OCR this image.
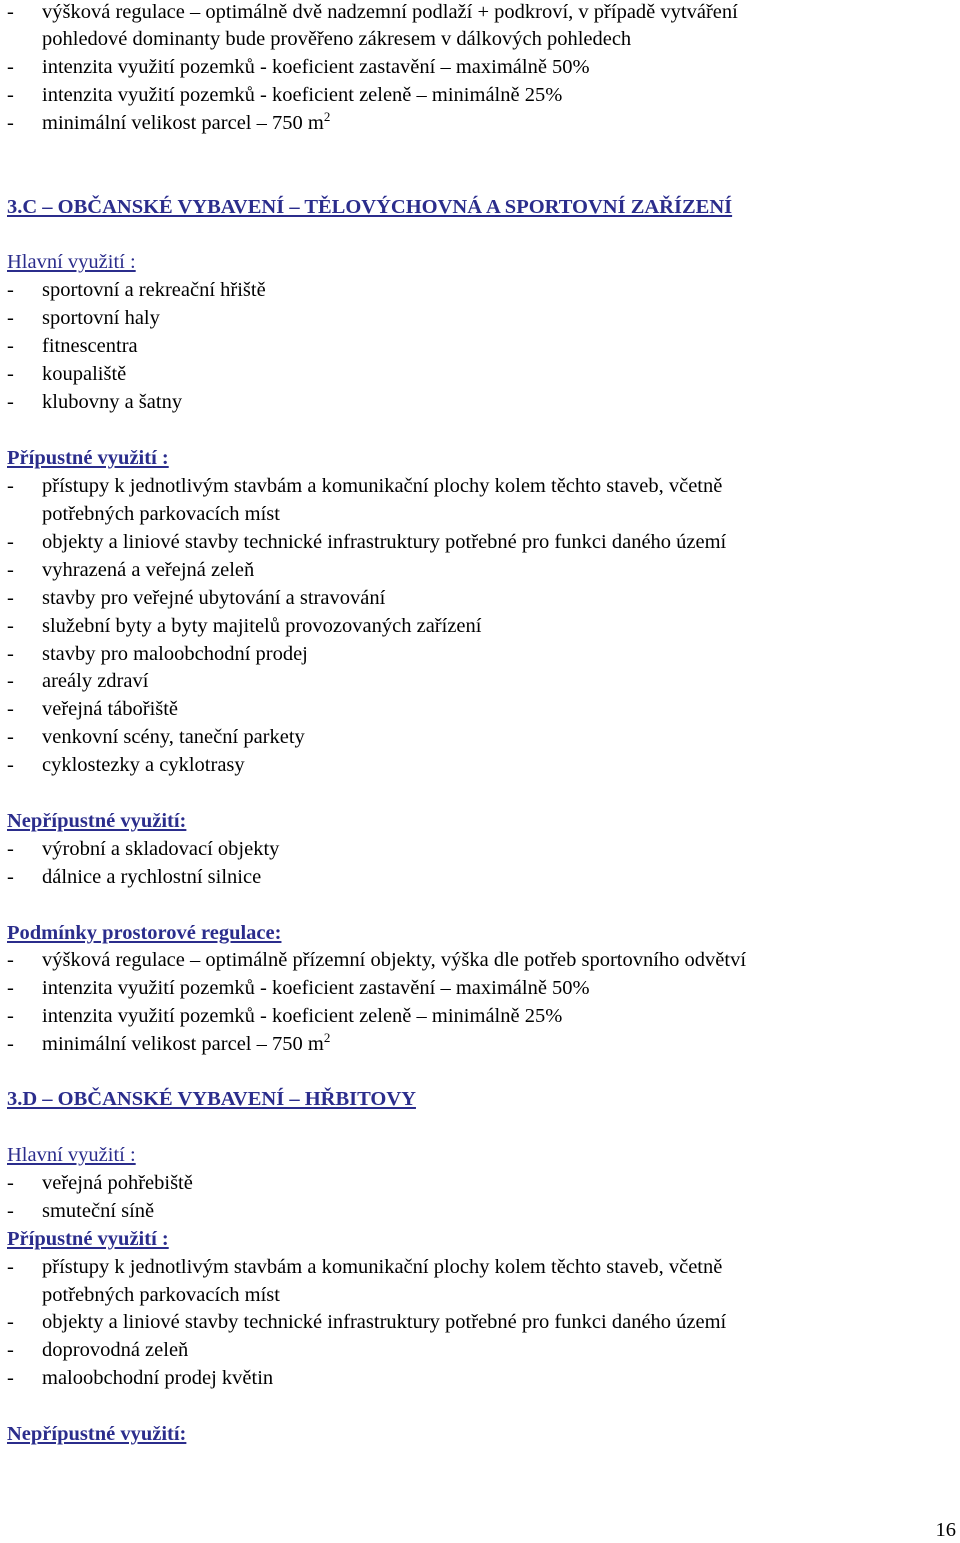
-	výšková regulace – optimálně dvě nadzemní podlaží + podkroví, v případě vytváření
pohledové dominanty bude prověřeno zákresem v dálkových pohledech
- intenzita využití pozemků - koeficient zastavění – maximálně 50%
- intenzita využití pozemků - koeficient zeleně – minimálně 25%
- minimální velikost parcel – 750 $m^2$
3.C – OBČANSKÉ VYBAVENÍ – TĚLOVÝCHOVNÁ A SPORTOVNÍ ZAŘÍZENÍ
Hlavní využití :
- sportovní a rekreační hřiště
- sportovní haly
- fitnescentra
- koupaliště
- klubovny a šatny
Přípustné využití :
-	přístupy k jednotlivým stavbám a komunikační plochy kolem těchto staveb, včetně
potřebných parkovacích míst
- objekty a liniové stavby technické infrastruktury potřebné pro funkci daného území
- vyhrazená a veřejná zeleň
- stavby pro veřejné ubytování a stravování
- služební byty a byty majitelů provozovaných zařízení
- stavby pro maloobchodní prodej
- areály zdraví
- veřejná tábořiště
- venkovní scény, taneční parkety
- cyklostezky a cyklotrasy
Nepřípustné využití:
- výrobní a skladovací objekty
- dálnice a rychlostní silnice
Podmínky prostorové regulace:
- výšková regulace – optimálně přízemní objekty, výška dle potřeb sportovního odvětví
- intenzita využití pozemků - koeficient zastavění – maximálně 50%
- intenzita využití pozemků - koeficient zeleně – minimálně 25%
- minimální velikost parcel – 750 $m^2$
3.D – OBČANSKÉ VYBAVENÍ – HŘBITOVY
Hlavní využití :
- veřejná pohřebiště
- smuteční síně
Přípustné využití :
-	přístupy k jednotlivým stavbám a komunikační plochy kolem těchto staveb, včetně
potřebných parkovacích míst
- objekty a liniové stavby technické infrastruktury potřebné pro funkci daného území
- doprovodná zeleň
- maloobchodní prodej květin
Nepřípustné využití:
16
